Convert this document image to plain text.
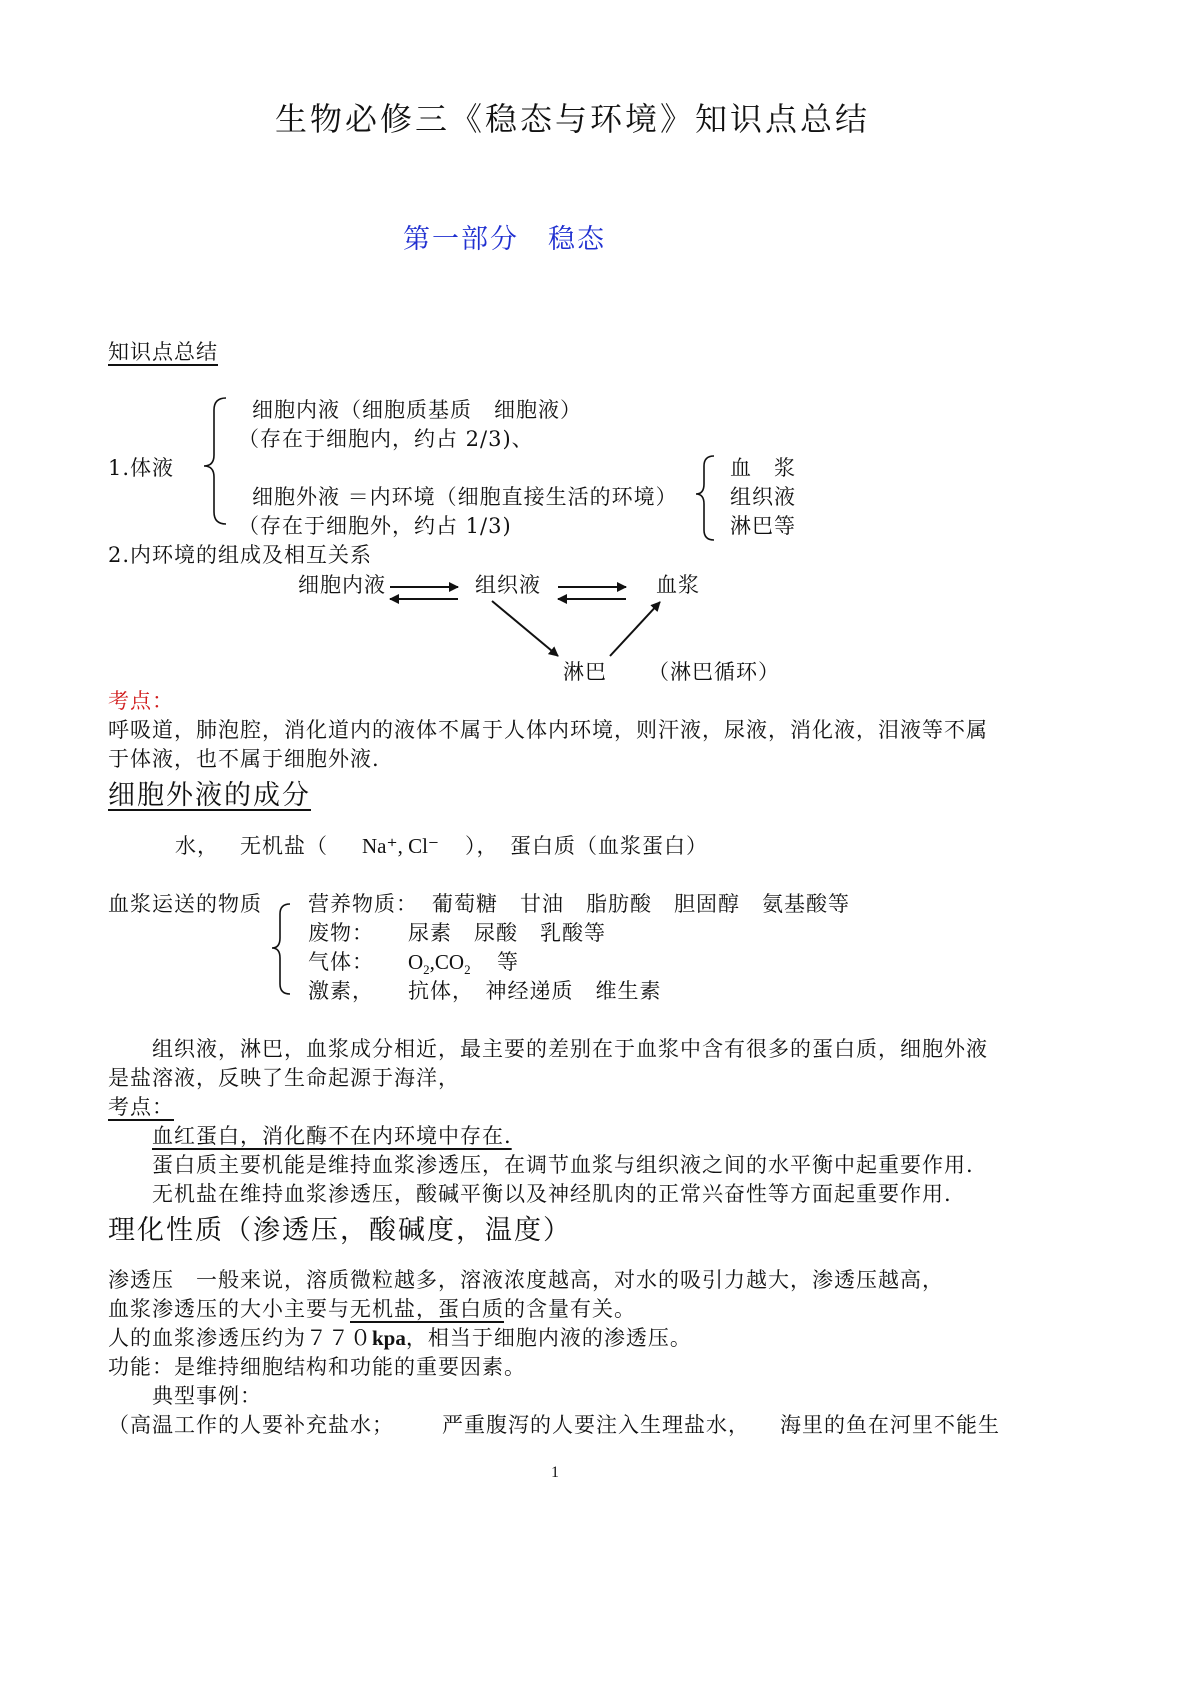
生物必修三《稳态与环境》知识点总结
第一部分　稳态
知识点总结
细胞内液（细胞质基质　细胞液）
（存在于细胞内，约占 2/3)、
1.体液
细胞外液 ＝内环境（细胞直接生活的环境）
（存在于细胞外，约占 1/3)
血　浆
组织液
淋巴等
2.内环境的组成及相互关系
细胞内液	组织液	血浆
淋巴 （淋巴循环）
考点：
呼吸道，肺泡腔，消化道内的液体不属于人体内环境，则汗液，尿液，消化液，泪液等不属
于体液，也不属于细胞外液.
细胞外液的成分
水， 无机盐（ Na⁺, Cl⁻ ）， 蛋白质（血浆蛋白）
血浆运送的物质 营养物质： 葡萄糖　甘油　脂肪酸　胆固醇　氨基酸等
废物： 尿素　尿酸　乳酸等
气体： $O_2,CO_2$ 等
激素， 抗体，　神经递质　维生素
组织液，淋巴，血浆成分相近，最主要的差别在于血浆中含有很多的蛋白质，细胞外液
是盐溶液，反映了生命起源于海洋，
考点：
血红蛋白，消化酶不在内环境中存在.
蛋白质主要机能是维持血浆渗透压，在调节血浆与组织液之间的水平衡中起重要作用.
无机盐在维持血浆渗透压，酸碱平衡以及神经肌肉的正常兴奋性等方面起重要作用.
理化性质（渗透压，酸碱度，温度）
渗透压　一般来说，溶质微粒越多，溶液浓度越高，对水的吸引力越大，渗透压越高，
血浆渗透压的大小主要与无机盐，蛋白质的含量有关。
人的血浆渗透压约为７７０kpa，相当于细胞内液的渗透压。
功能：是维持细胞结构和功能的重要因素。
典型事例：
（高温工作的人要补充盐水； 严重腹泻的人要注入生理盐水， 海里的鱼在河里不能生
1
